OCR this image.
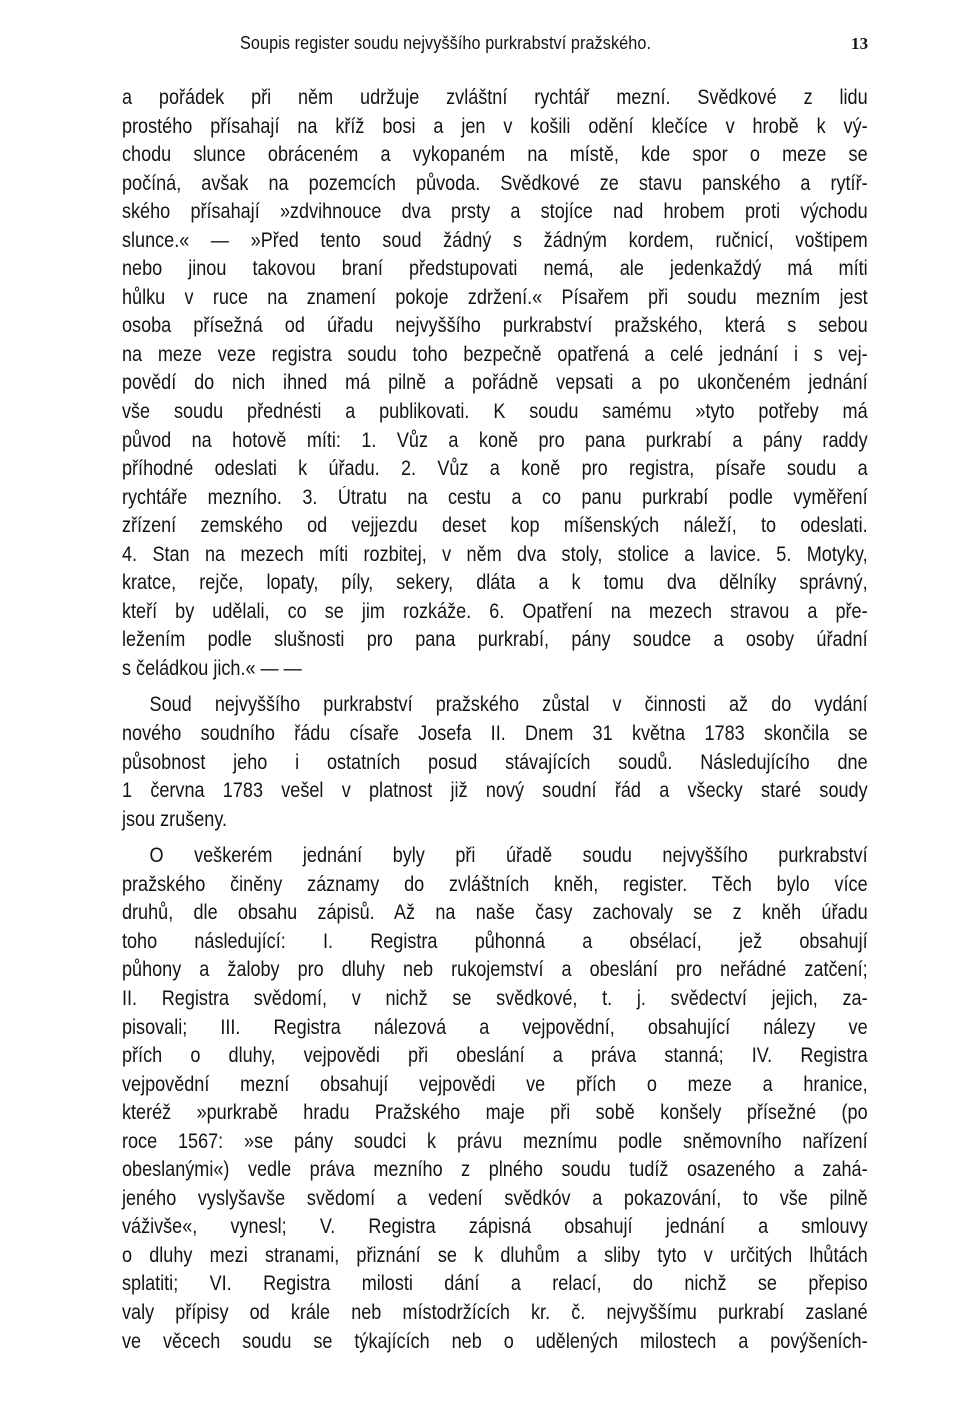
Soupis register soudu nejvyššího purkrabství pražského.	13
a pořádek při něm udržuje zvláštní rychtář mezní. Svědkové z lidu
prostého přísahají na kříž bosi a jen v košili odění klečíce v hrobě k vý-
chodu slunce obráceném a vykopaném na místě, kde spor o meze se
počíná, avšak na pozemcích původa. Svědkové ze stavu panského a rytíř-
ského přísahají »zdvihnouce dva prsty a stojíce nad hrobem proti východu
slunce.« — »Před tento soud žádný s žádným kordem, ručnicí, voštipem
nebo jinou takovou braní předstupovati nemá, ale jedenkaždý má míti
hůlku v ruce na znamení pokoje zdržení.« Písařem při soudu mezním jest
osoba přísežná od úřadu nejvyššího purkrabství pražského, která s sebou
na meze veze registra soudu toho bezpečně opatřená a celé jednání i s vej-
povědí do nich ihned má pilně a pořádně vepsati a po ukončeném jednání
vše soudu přednésti a publikovati. K soudu samému »tyto potřeby má
původ na hotově míti: 1. Vůz a koně pro pana purkrabí a pány raddy
příhodné odeslati k úřadu. 2. Vůz a koně pro registra, písaře soudu a
rychtáře mezního. 3. Útratu na cestu a co panu purkrabí podle vyměření
zřízení zemského od vejjezdu deset kop míšenských náleží, to odeslati.
4. Stan na mezech míti rozbitej, v něm dva stoly, stolice a lavice. 5. Motyky,
kratce, rejče, lopaty, píly, sekery, dláta a k tomu dva dělníky správný,
kteří by udělali, co se jim rozkáže. 6. Opatření na mezech stravou a pře-
ležením podle slušnosti pro pana purkrabí, pány soudce a osoby úřadní
s čeládkou jich.« — —
Soud nejvyššího purkrabství pražského zůstal v činnosti až do vydání
nového soudního řádu císaře Josefa II. Dnem 31 května 1783 skončila se
působnost jeho i ostatních posud stávajících soudů. Následujícího dne
1 června 1783 vešel v platnost již nový soudní řád a všecky staré soudy
jsou zrušeny.
O veškerém jednání byly při úřadě soudu nejvyššího purkrabství
pražského činěny záznamy do zvláštních kněh, register. Těch bylo více
druhů, dle obsahu zápisů. Až na naše časy zachovaly se z kněh úřadu
toho následující: I. Registra půhonná a obsélací, jež obsahují
půhony a žaloby pro dluhy neb rukojemství a obeslání pro neřádné zatčení;
II. Registra svědomí, v nichž se svědkové, t. j. svědectví jejich, za-
pisovali; III. Registra nálezová a vejpovědní, obsahující nálezy ve
přích o dluhy, vejpovědi při obeslání a práva stanná; IV. Registra
vejpovědní mezní obsahují vejpovědi ve přích o meze a hranice,
kteréž »purkrabě hradu Pražského maje při sobě konšely přísežné (po
roce 1567: »se pány soudci k právu meznímu podle sněmovního nařízení
obeslanými«) vedle práva mezního z plného soudu tudíž osazeného a zahá-
jeného vyslyšavše svědomí a vedení svědkóv a pokazování, to vše pilně
váživše«, vynesl; V. Registra zápisná obsahují jednání a smlouvy
o dluhy mezi stranami, přiznání se k dluhům a sliby tyto v určitých lhůtách
splatiti; VI. Registra milosti dání a relací, do nichž se přepiso
valy přípisy od krále neb místodržících kr. č. nejvyššímu purkrabí zaslané
ve věcech soudu se týkajících neb o udělených milostech a povýšeních-
